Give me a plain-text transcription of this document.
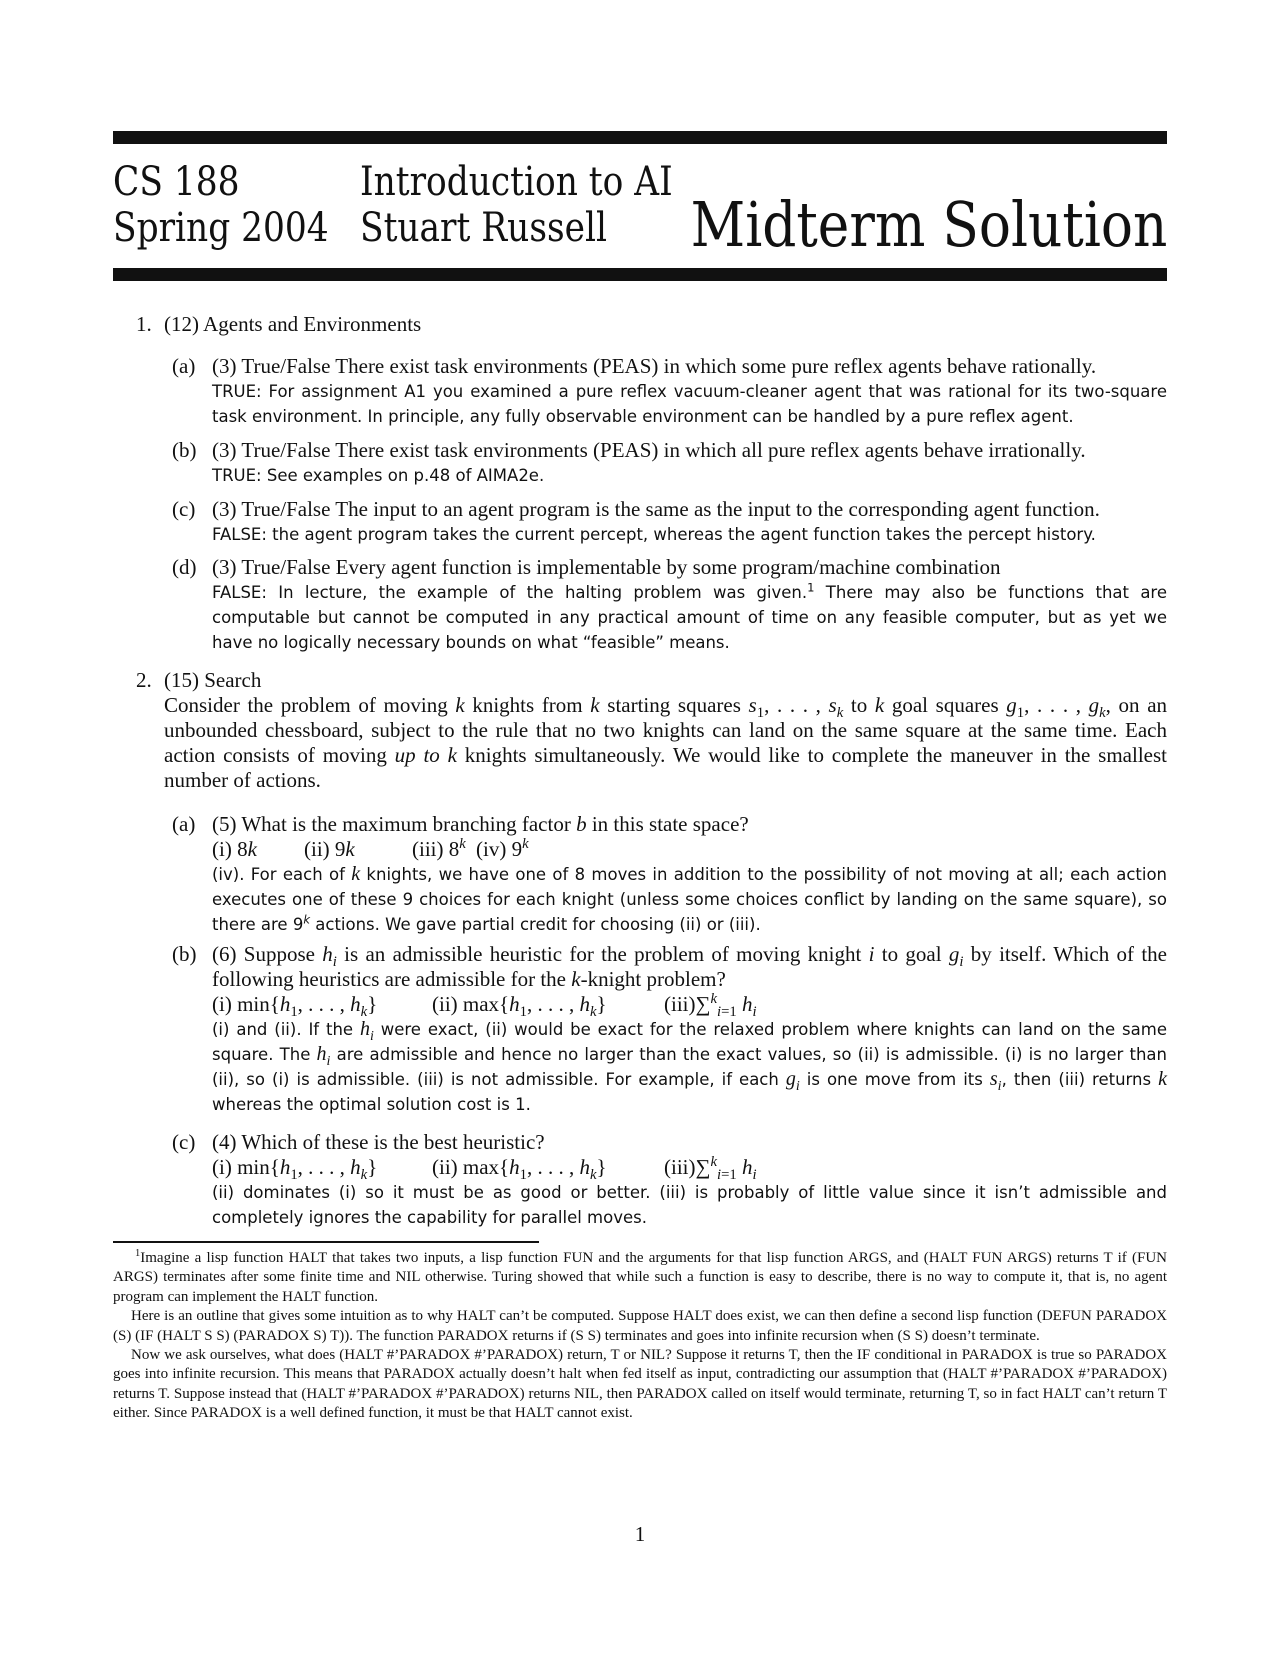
CS 188
Spring 2004
Introduction to AI
Stuart Russell Midterm Solution
1. (12) Agents and Environments
(a) (3) True/False There exist task environments (PEAS) in which some pure reflex agents behave rationally.
TRUE: For assignment A1 you examined a pure reflex vacuum-cleaner agent that was rational for its two-square task environment. In principle, any fully observable environment can be handled by a pure reflex agent.
(b) (3) True/False There exist task environments (PEAS) in which all pure reflex agents behave irrationally.
TRUE: See examples on p.48 of AIMA2e.
(c) (3) True/False The input to an agent program is the same as the input to the corresponding agent function.
FALSE: the agent program takes the current percept, whereas the agent function takes the percept history.
(d) (3) True/False Every agent function is implementable by some program/machine combination
FALSE: In lecture, the example of the halting problem was given.$^1$ There may also be functions that are computable but cannot be computed in any practical amount of time on any feasible computer, but as yet we have no logically necessary bounds on what “feasible” means.
2. (15) Search
Consider the problem of moving k knights from k starting squares $s_1$, . . . , $s_k$ to k goal squares $g_1$, . . . , $g_k$, on an unbounded chessboard, subject to the rule that no two knights can land on the same square at the same time. Each action consists of moving up to k knights simultaneously. We would like to complete the maneuver in the smallest number of actions.
(a) (5) What is the maximum branching factor b in this state space?
(i) 8k (ii) 9k	(iii) 8$^k$ (iv) 9$^k$
(iv). For each of k knights, we have one of 8 moves in addition to the possibility of not moving at all; each action executes one of these 9 choices for each knight (unless some choices conflict by landing on the same square), so there are 9$^k$ actions. We gave partial credit for choosing (ii) or (iii).
(b) (6) Suppose $h_i$ is an admissible heuristic for the problem of moving knight i to goal $g_i$ by itself. Which of the following heuristics are admissible for the k-knight problem?
(i) $\min\{h_1$, . . . , $h_k$}	(ii) $\max\{h_1$, . . . , $h_k$}	(iii)∑$^k_{i=1}$ $h_i$
(i) and (ii). If the $h_i$ were exact, (ii) would be exact for the relaxed problem where knights can land on the same square. The $h_i$ are admissible and hence no larger than the exact values, so (ii) is admissible. (i) is no larger than (ii), so (i) is admissible. (iii) is not admissible. For example, if each $g_i$ is one move from its $s_i$, then (iii) returns k whereas the optimal solution cost is 1.
(c) (4) Which of these is the best heuristic?
(i) $\min\{h_1$, . . . , $h_k$}	(ii) $\max\{h_1$, . . . , $h_k$}	(iii)∑$^k_{i=1}$ $h_i$
(ii) dominates (i) so it must be as good or better. (iii) is probably of little value since it isn’t admissible and completely ignores the capability for parallel moves.
$^1$Imagine a lisp function HALT that takes two inputs, a lisp function FUN and the arguments for that lisp function ARGS, and (HALT FUN ARGS) returns T if (FUN ARGS) terminates after some finite time and NIL otherwise. Turing showed that while such a function is easy to describe, there is no way to compute it, that is, no agent program can implement the HALT function.
Here is an outline that gives some intuition as to why HALT can’t be computed. Suppose HALT does exist, we can then define a second lisp function (DEFUN PARADOX (S) (IF (HALT S S) (PARADOX S) T)). The function PARADOX returns if (S S) terminates and goes into infinite recursion when (S S) doesn’t terminate.
Now we ask ourselves, what does (HALT #’PARADOX #’PARADOX) return, T or NIL? Suppose it returns T, then the IF conditional in PARADOX is true so PARADOX goes into infinite recursion. This means that PARADOX actually doesn’t halt when fed itself as input, contradicting our assumption that (HALT #’PARADOX #’PARADOX) returns T. Suppose instead that (HALT #’PARADOX #’PARADOX) returns NIL, then PARADOX called on itself would terminate, returning T, so in fact HALT can’t return T either. Since PARADOX is a well defined function, it must be that HALT cannot exist.
1
